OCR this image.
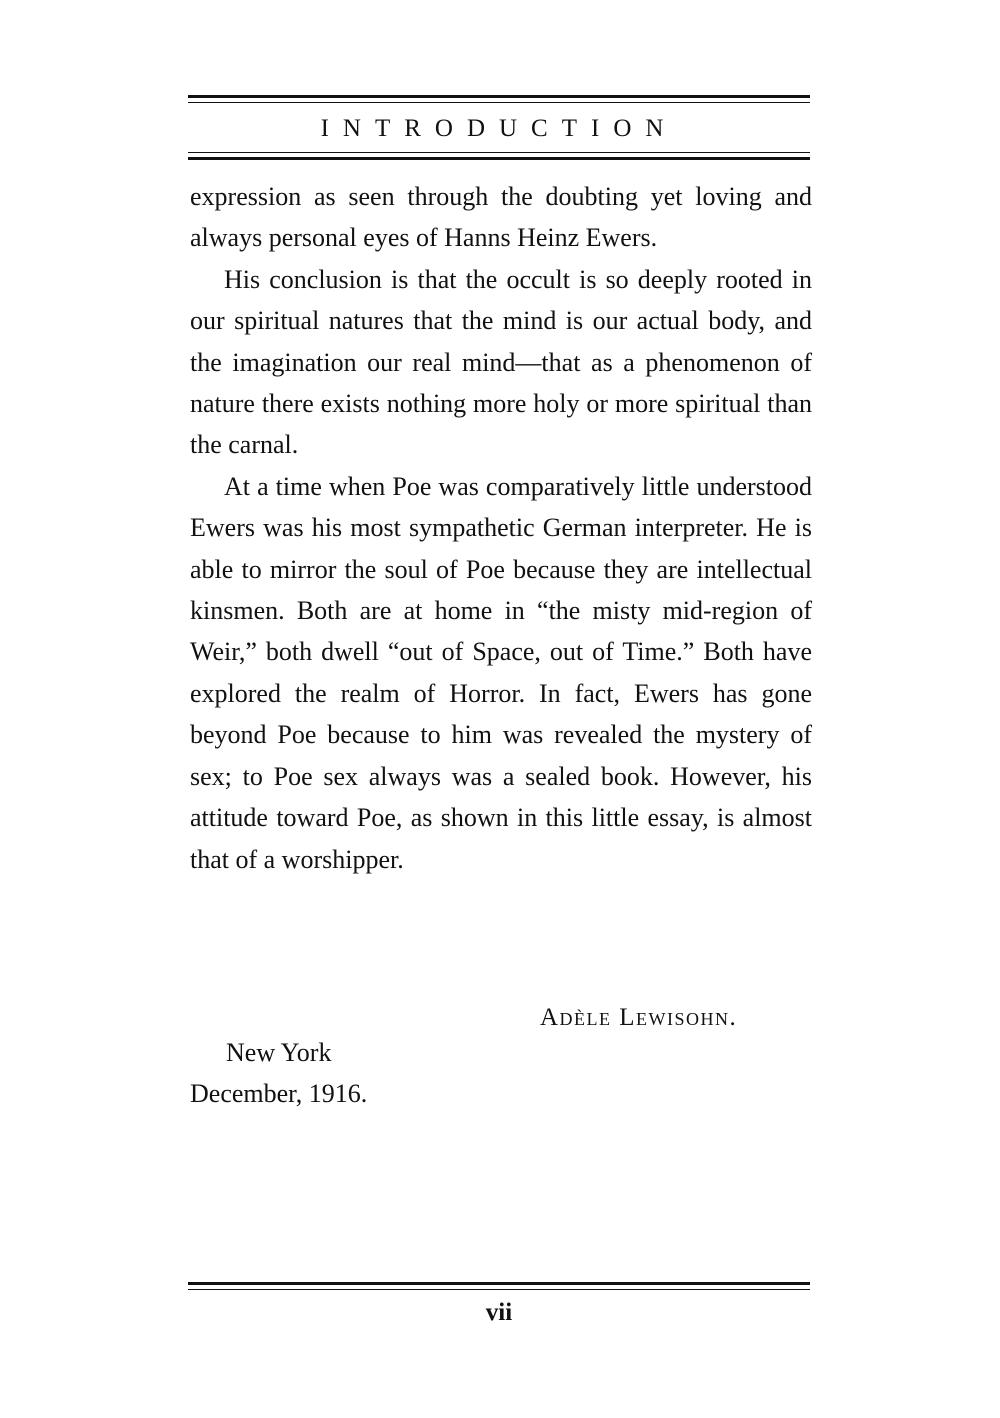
INTRODUCTION

expression as seen through the doubting yet loving and always personal eyes of Hanns Heinz Ewers.

His conclusion is that the occult is so deeply rooted in our spiritual natures that the mind is our actual body, and the imagination our real mind—that as a phenomenon of nature there exists nothing more holy or more spiritual than the carnal.

At a time when Poe was comparatively little understood Ewers was his most sympathetic German interpreter. He is able to mirror the soul of Poe because they are intellectual kinsmen. Both are at home in “the misty mid-region of Weir,” both dwell “out of Space, out of Time.” Both have explored the realm of Horror. In fact, Ewers has gone beyond Poe because to him was revealed the mystery of sex; to Poe sex always was a sealed book. However, his attitude toward Poe, as shown in this little essay, is almost that of a worshipper.

Adèle Lewisohn.
New York
December, 1916.
vii
